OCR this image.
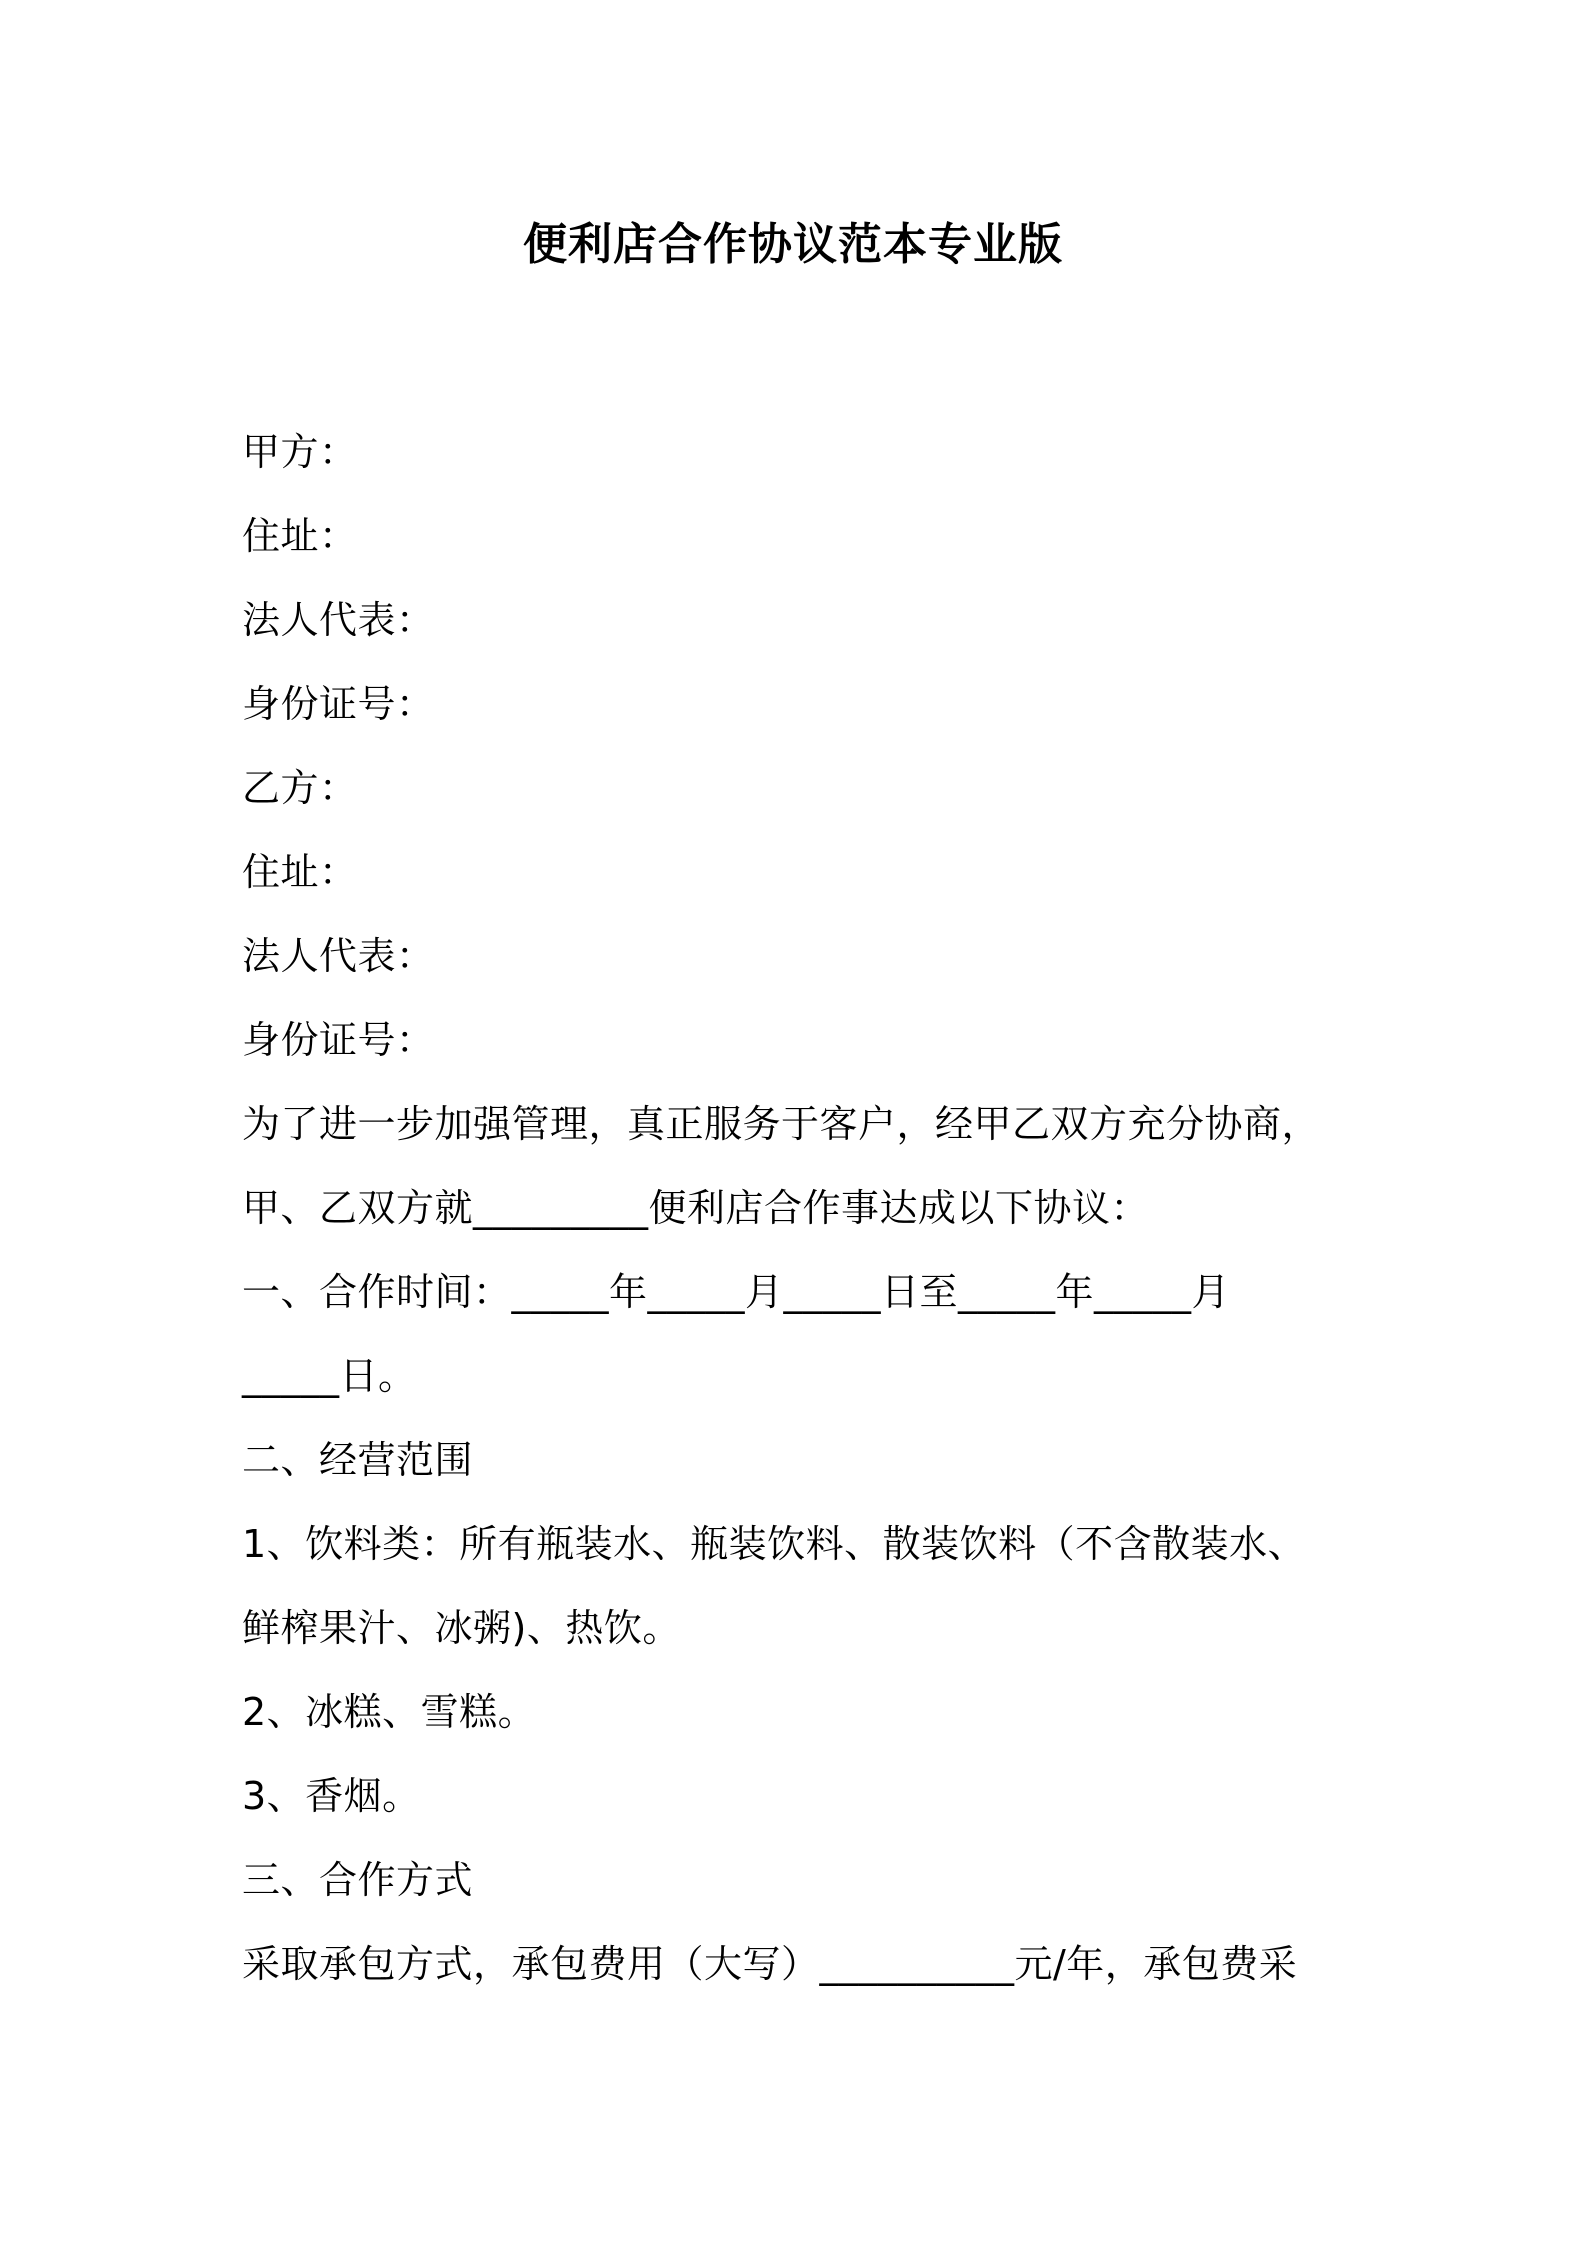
便利店合作协议范本专业版
甲方：
住址：
法人代表：
身份证号：
乙方：
住址：
法人代表：
身份证号：
为了进一步加强管理，真正服务于客户，经甲乙双方充分协商，
甲、乙双方就_________便利店合作事达成以下协议：
一、合作时间：_____年_____月_____日至_____年_____月
_____日。
二、经营范围
1、饮料类：所有瓶装水、瓶装饮料、散装饮料（不含散装水、
鲜榨果汁、冰粥)、热饮。
2、冰糕、雪糕。
3、香烟。
三、合作方式
采取承包方式，承包费用（大写）__________元/年，承包费采
